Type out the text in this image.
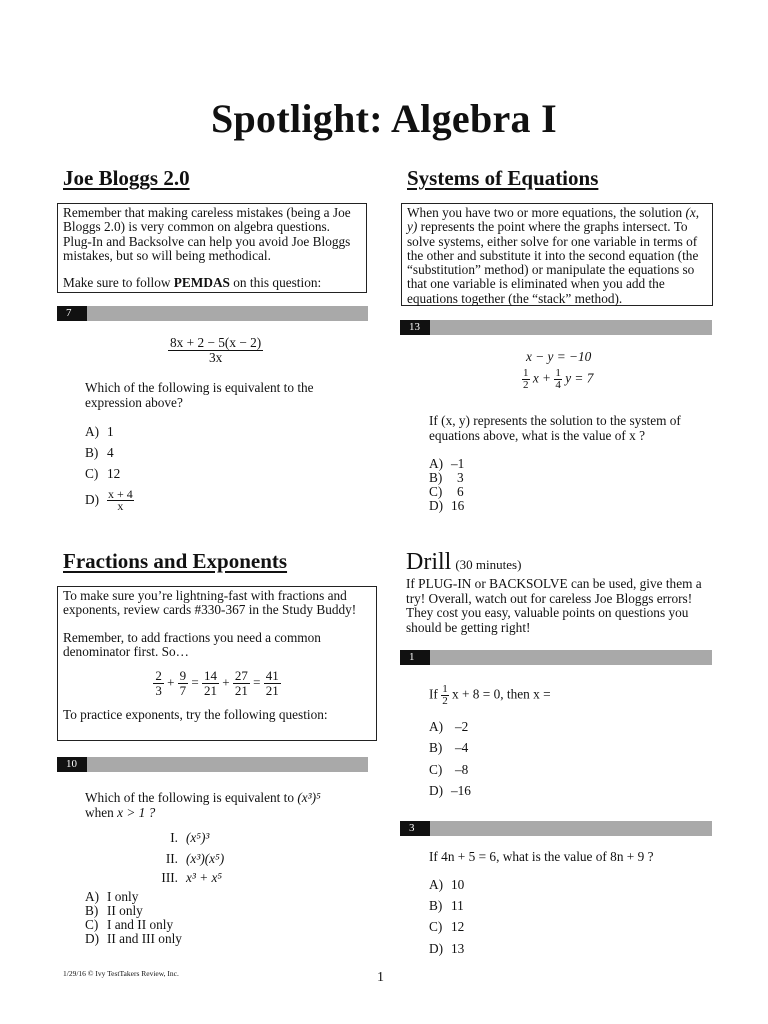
Spotlight: Algebra I
Joe Bloggs 2.0

Remember that making careless mistakes (being a Joe Bloggs 2.0) is very common on algebra questions. Plug-In and Backsolve can help you avoid Joe Bloggs mistakes, but so will being methodical.

Make sure to follow PEMDAS on this question:

7
$\frac{8x + 2 - 5(x - 2)}{3x}$
Which of the following is equivalent to the expression above?
A) 1
B) 4
C) 12
$D) \frac{x + 4}{x}$
Fractions and Exponents

To make sure you’re lightning-fast with fractions and exponents, review cards #330-367 in the Study Buddy!

Remember, to add fractions you need a common denominator first. So…

$\frac{2}{3} + \frac{9}{7} = \frac{14}{21} + \frac{27}{21} = \frac{41}{21}$

To practice exponents, try the following question:

10
Which of the following is equivalent to (x³)⁵
when x > 1 ?
I. (x⁵)³
II. (x³)(x⁵)
III. x³ + x⁵
A) I only
B) II only
C) I and II only
D) II and III only
Systems of Equations

When you have two or more equations, the solution (x, y) represents the point where the graphs intersect. To solve systems, either solve for one variable in terms of the other and substitute it into the second equation (the “substitution” method) or manipulate the equations so that one variable is eliminated when you add the equations together (the “stack” method).

13
x − y = −10
$\frac{1}{2}$ $x + \frac{1}{4}$ y = 7
If (x, y) represents the solution to the system of equations above, what is the value of x ?
A) –1
B) 3
C) 6
D) 16
Drill (30 minutes)
If PLUG-IN or BACKSOLVE can be used, give them a try! Overall, watch out for careless Joe Bloggs errors! They cost you easy, valuable points on questions you should be getting right!
1
If $\frac{1}{2}$ x + 8 = 0, then x =
A) –2
B) –4
C) –8
D) –16
3
If 4n + 5 = 6, what is the value of 8n + 9 ?
A) 10
B) 11
C) 12
D) 13
1/29/16 © Ivy TestTakers Review, Inc.	1
